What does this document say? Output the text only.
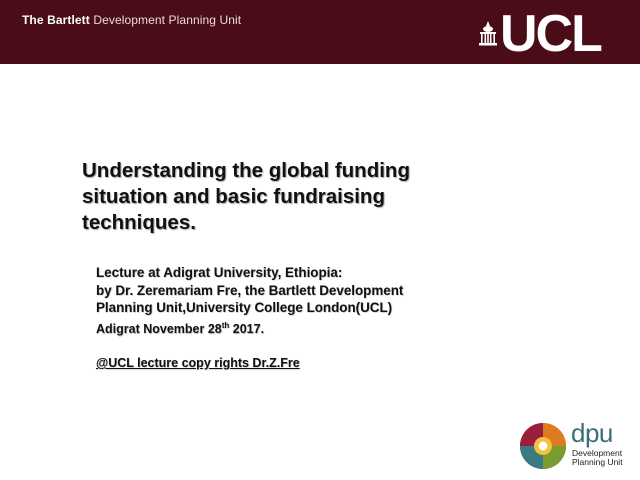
The Bartlett Development Planning Unit	UCL
Understanding the global funding situation and basic fundraising techniques.
Lecture at Adigrat University, Ethiopia:
by Dr. Zeremariam Fre, the Bartlett Development
Planning Unit,University College London(UCL)
Adigrat November 28th 2017.
@UCL lecture copy rights Dr.Z.Fre
dpu
Development
Planning Unit
